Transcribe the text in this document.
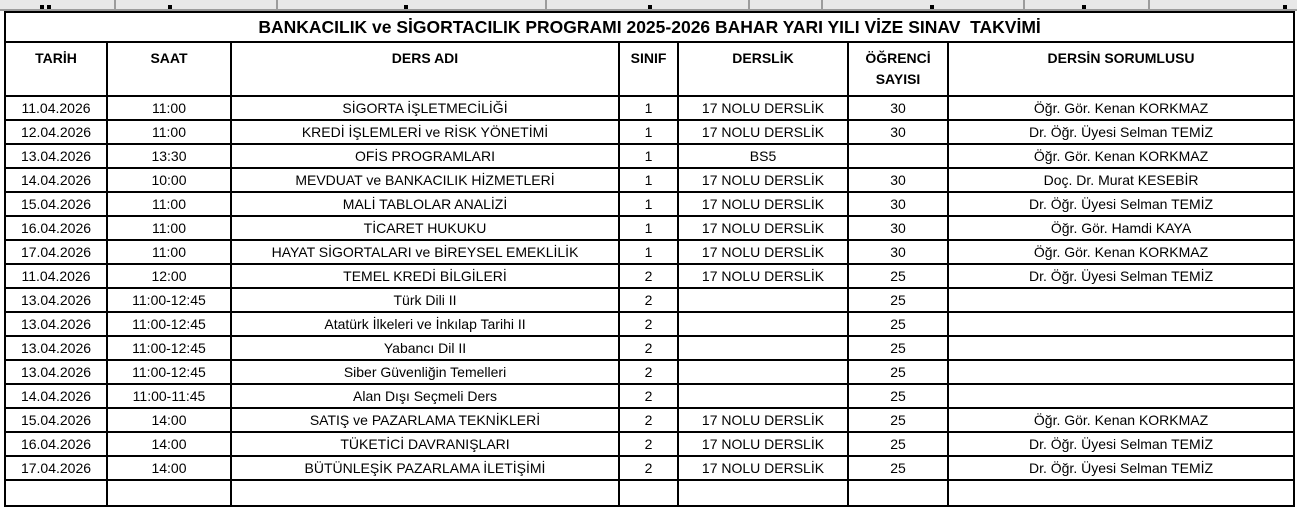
BANKACILIK ve SİGORTACILIK PROGRAMI 2025-2026 BAHAR YARI YILI VİZE SINAV  TAKVİMİ						
TARİH	SAAT	DERS ADI	SINIF	DERSLİK	ÖĞRENCİ SAYISI	DERSİN SORUMLUSU
11.04.2026	11:00	SİGORTA İŞLETMECİLİĞİ	1	17 NOLU DERSLİK	30	Öğr. Gör. Kenan KORKMAZ
12.04.2026	11:00	KREDİ İŞLEMLERİ ve RİSK YÖNETİMİ	1	17 NOLU DERSLİK	30	Dr. Öğr. Üyesi Selman TEMİZ
13.04.2026	13:30	OFİS PROGRAMLARI	1	BS5		Öğr. Gör. Kenan KORKMAZ
14.04.2026	10:00	MEVDUAT ve BANKACILIK HİZMETLERİ	1	17 NOLU DERSLİK	30	Doç. Dr. Murat KESEBİR
15.04.2026	11:00	MALİ TABLOLAR ANALİZİ	1	17 NOLU DERSLİK	30	Dr. Öğr. Üyesi Selman TEMİZ
16.04.2026	11:00	TİCARET HUKUKU	1	17 NOLU DERSLİK	30	Öğr. Gör. Hamdi KAYA
17.04.2026	11:00	HAYAT SİGORTALARI ve BİREYSEL EMEKLİLİK	1	17 NOLU DERSLİK	30	Öğr. Gör. Kenan KORKMAZ
11.04.2026	12:00	TEMEL KREDİ BİLGİLERİ	2	17 NOLU DERSLİK	25	Dr. Öğr. Üyesi Selman TEMİZ
13.04.2026	11:00-12:45	Türk Dili II	2		25	
13.04.2026	11:00-12:45	Atatürk İlkeleri ve İnkılap Tarihi II	2		25	
13.04.2026	11:00-12:45	Yabancı Dil II	2		25	
13.04.2026	11:00-12:45	Siber Güvenliğin Temelleri	2		25	
14.04.2026	11:00-11:45	Alan Dışı Seçmeli Ders	2		25	
15.04.2026	14:00	SATIŞ ve PAZARLAMA TEKNİKLERİ	2	17 NOLU DERSLİK	25	Öğr. Gör. Kenan KORKMAZ
16.04.2026	14:00	TÜKETİCİ DAVRANIŞLARI	2	17 NOLU DERSLİK	25	Dr. Öğr. Üyesi Selman TEMİZ
17.04.2026	14:00	BÜTÜNLEŞİK PAZARLAMA İLETİŞİMİ	2	17 NOLU DERSLİK	25	Dr. Öğr. Üyesi Selman TEMİZ
